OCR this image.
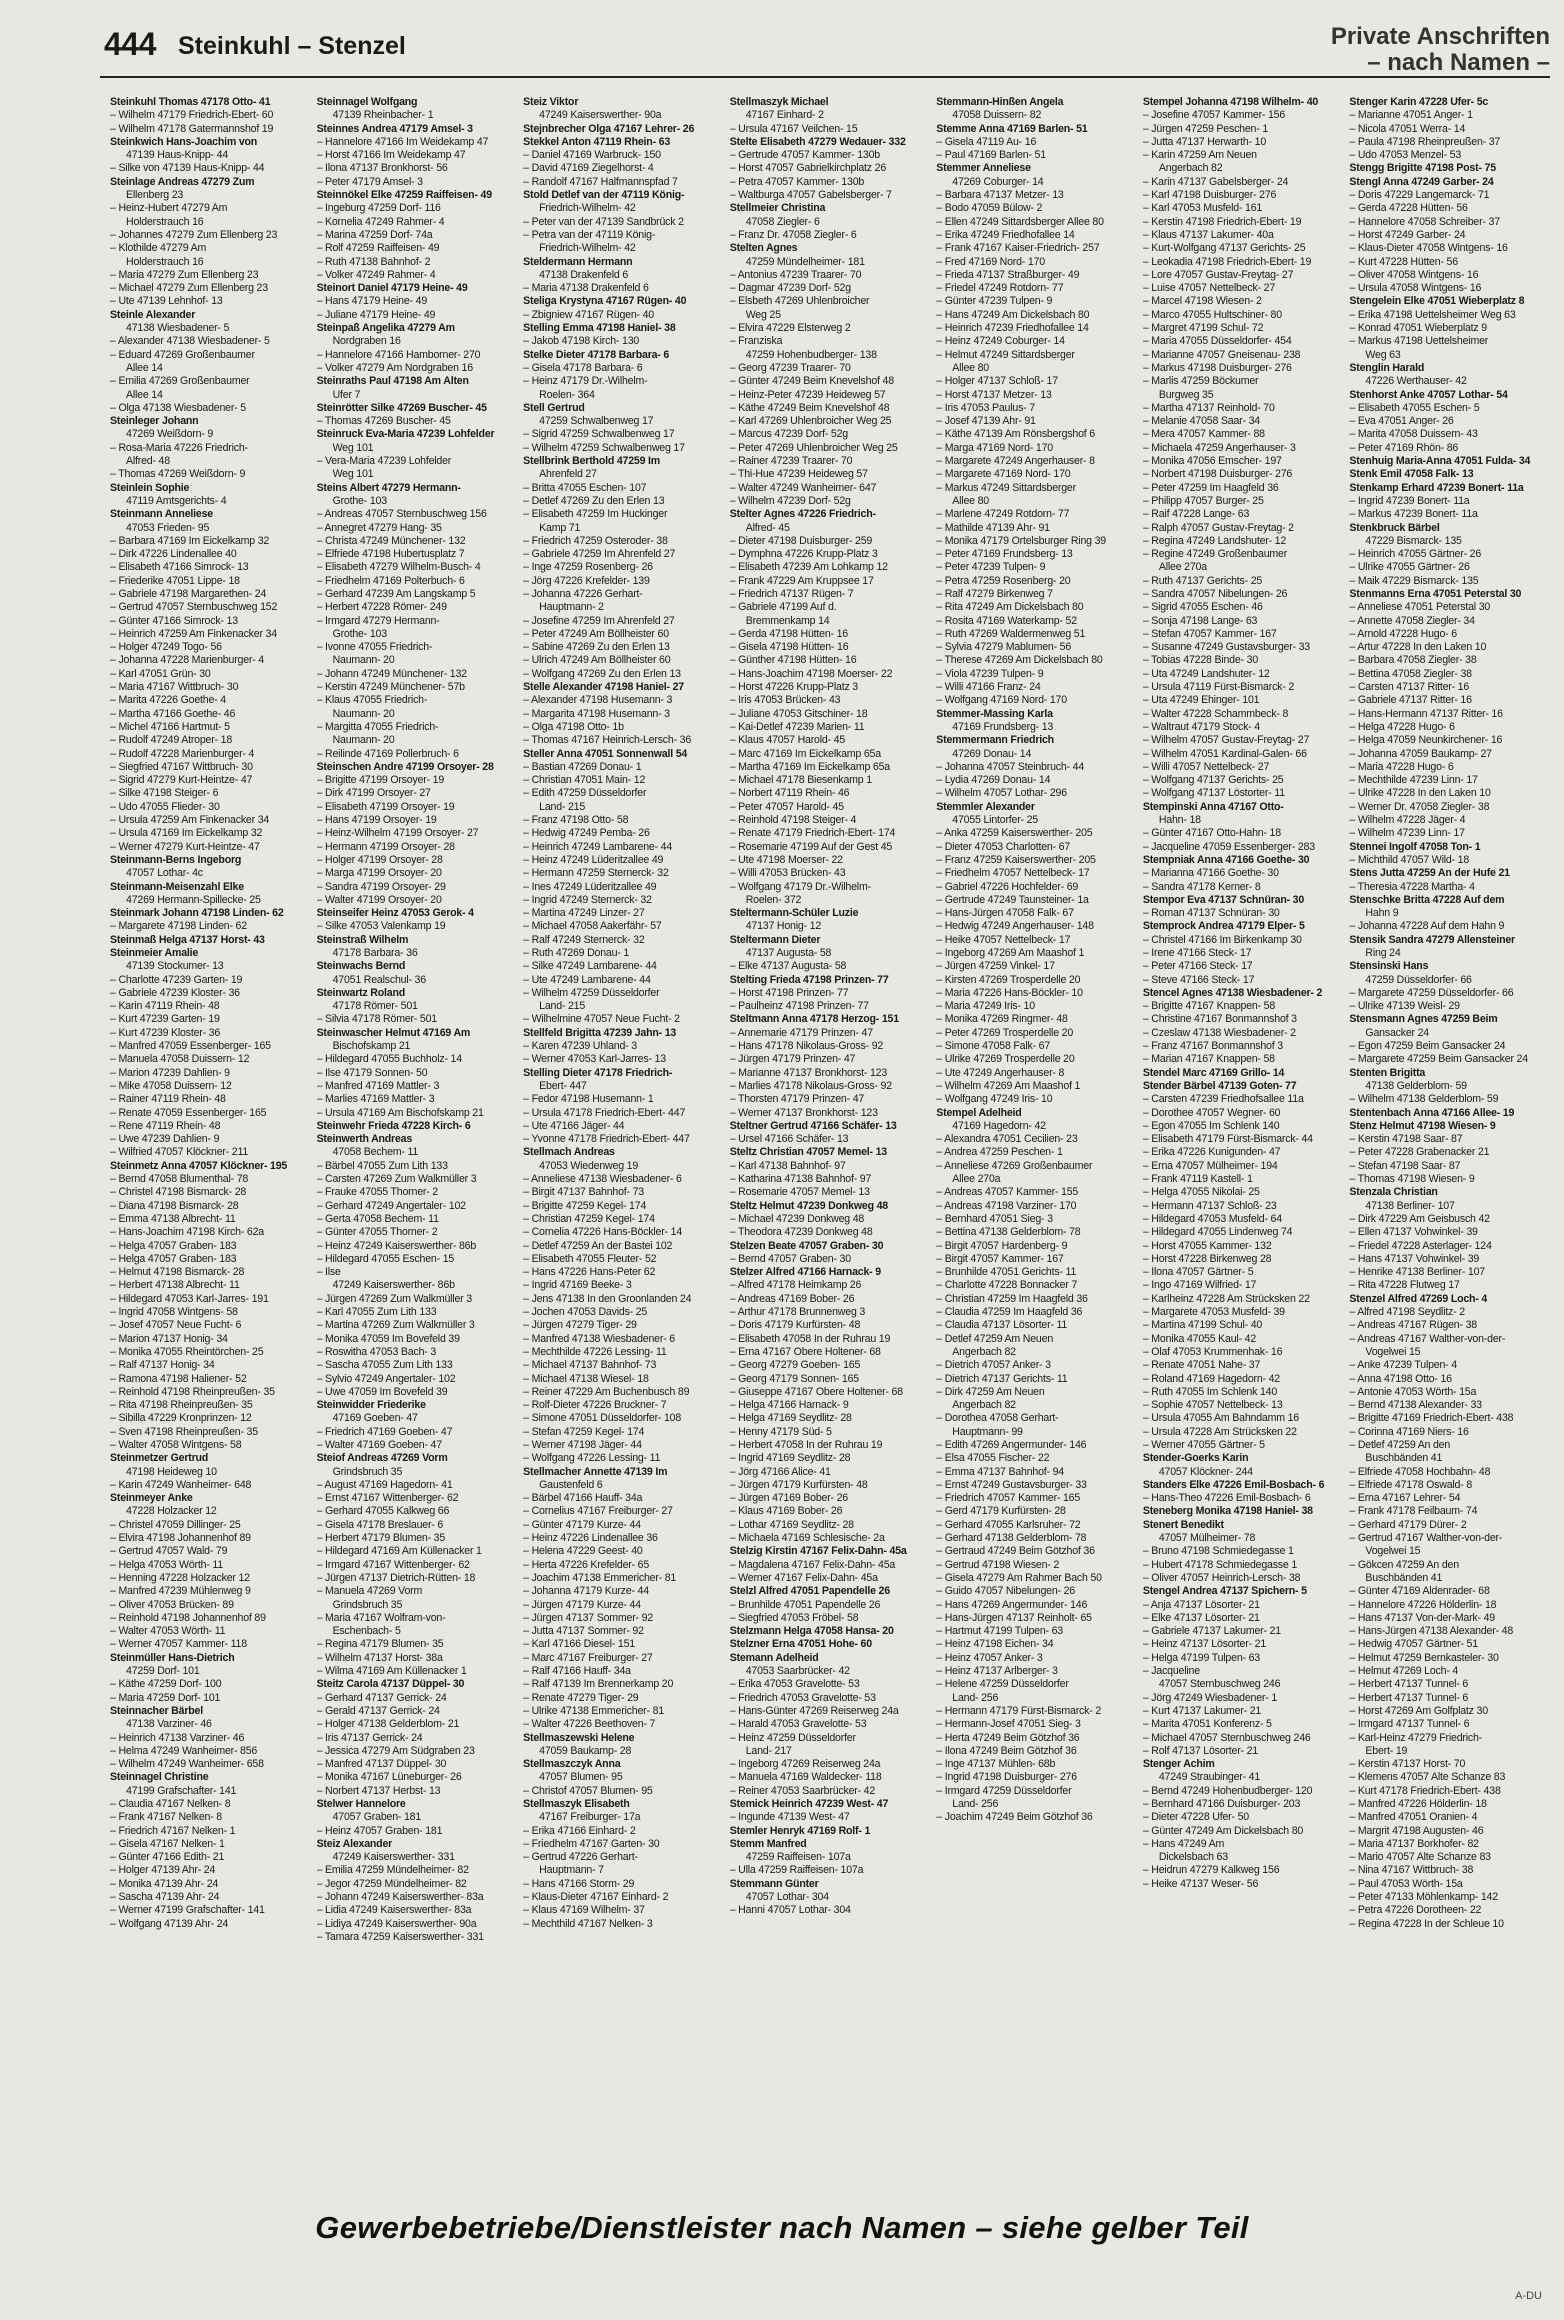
444 Steinkuhl – Stenzel	Private Anschriften
– nach Namen –
Steinkuhl Thomas 47178 Otto- 41
– Wilhelm 47179 Friedrich-Ebert- 60
– Wilhelm 47178 Gatermannshof 19
Steinkwich Hans-Joachim von
47139 Haus-Knipp- 44
– Silke von 47139 Haus-Knipp- 44
Steinlage Andreas 47279 Zum
Ellenberg 23
– Heinz-Hubert 47279 Am
Holderstrauch 16
– Johannes 47279 Zum Ellenberg 23
– Klothilde 47279 Am
Holderstrauch 16
– Maria 47279 Zum Ellenberg 23
– Michael 47279 Zum Ellenberg 23
– Ute 47139 Lehnhof- 13
Steinle Alexander
47138 Wiesbadener- 5
– Alexander 47138 Wiesbadener- 5
– Eduard 47269 Großenbaumer
Allee 14
– Emilia 47269 Großenbaumer
Allee 14
– Olga 47138 Wiesbadener- 5
Steinleger Johann
47269 Weißdorn- 9
– Rosa-Maria 47226 Friedrich-
Alfred- 48
– Thomas 47269 Weißdorn- 9
Steinlein Sophie
47119 Amtsgerichts- 4
Steinmann Anneliese
47053 Frieden- 95
– Barbara 47169 Im Eickelkamp 32
– Dirk 47226 Lindenallee 40
– Elisabeth 47166 Simrock- 13
– Friederike 47051 Lippe- 18
– Gabriele 47198 Margarethen- 24
– Gertrud 47057 Sternbuschweg 152
– Günter 47166 Simrock- 13
– Heinrich 47259 Am Finkenacker 34
– Holger 47249 Togo- 56
– Johanna 47228 Marienburger- 4
– Karl 47051 Grün- 30
– Maria 47167 Wittbruch- 30
– Marita 47226 Goethe- 4
– Martha 47166 Goethe- 46
– Michel 47166 Hartmut- 5
– Rudolf 47249 Atroper- 18
– Rudolf 47228 Marienburger- 4
– Siegfried 47167 Wittbruch- 30
– Sigrid 47279 Kurt-Heintze- 47
– Silke 47198 Steiger- 6
– Udo 47055 Flieder- 30
– Ursula 47259 Am Finkenacker 34
– Ursula 47169 Im Eickelkamp 32
– Werner 47279 Kurt-Heintze- 47
Steinmann-Berns Ingeborg
47057 Lothar- 4c
Steinmann-Meisenzahl Elke
47269 Hermann-Spillecke- 25
Steinmark Johann 47198 Linden- 62
– Margarete 47198 Linden- 62
Steinmaß Helga 47137 Horst- 43
Steinmeier Amalie
47139 Stockumer- 13
– Charlotte 47239 Garten- 19
– Gabriele 47239 Kloster- 36
– Karin 47119 Rhein- 48
– Kurt 47239 Garten- 19
– Kurt 47239 Kloster- 36
– Manfred 47059 Essenberger- 165
– Manuela 47058 Duissern- 12
– Marion 47239 Dahlien- 9
– Mike 47058 Duissern- 12
– Rainer 47119 Rhein- 48
– Renate 47059 Essenberger- 165
– Rene 47119 Rhein- 48
– Uwe 47239 Dahlien- 9
– Wilfried 47057 Klöckner- 211
Steinmetz Anna 47057 Klöckner- 195
– Bernd 47058 Blumenthal- 78
– Christel 47198 Bismarck- 28
– Diana 47198 Bismarck- 28
– Emma 47138 Albrecht- 11
– Hans-Joachim 47198 Kirch- 62a
– Helga 47057 Graben- 183
– Helga 47057 Graben- 183
– Helmut 47198 Bismarck- 28
– Herbert 47138 Albrecht- 11
– Hildegard 47053 Karl-Jarres- 191
– Ingrid 47058 Wintgens- 58
– Josef 47057 Neue Fucht- 6
– Marion 47137 Honig- 34
– Monika 47055 Rheintörchen- 25
– Ralf 47137 Honig- 34
– Ramona 47198 Haliener- 52
– Reinhold 47198 Rheinpreußen- 35
– Rita 47198 Rheinpreußen- 35
– Sibilla 47229 Kronprinzen- 12
– Sven 47198 Rheinpreußen- 35
– Walter 47058 Wintgens- 58
Steinmetzer Gertrud
47198 Heideweg 10
– Karin 47249 Wanheimer- 648
Steinmeyer Anke
47228 Holzacker 12
– Christel 47059 Dillinger- 25
– Elvira 47198 Johannenhof 89
– Gertrud 47057 Wald- 79
– Helga 47053 Wörth- 11
– Henning 47228 Holzacker 12
– Manfred 47239 Mühlenweg 9
– Oliver 47053 Brücken- 89
– Reinhold 47198 Johannenhof 89
– Walter 47053 Wörth- 11
– Werner 47057 Kammer- 118
Steinmüller Hans-Dietrich
47259 Dorf- 101
– Käthe 47259 Dorf- 100
– Maria 47259 Dorf- 101
Steinnacher Bärbel
47138 Varziner- 46
– Heinrich 47138 Varziner- 46
– Helma 47249 Wanheimer- 856
– Wilhelm 47249 Wanheimer- 658
Steinnagel Christine
47199 Grafschafter- 141
– Claudia 47167 Nelken- 8
– Frank 47167 Nelken- 8
– Friedrich 47167 Nelken- 1
– Gisela 47167 Nelken- 1
– Günter 47166 Edith- 21
– Holger 47139 Ahr- 24
– Monika 47139 Ahr- 24
– Sascha 47139 Ahr- 24
– Werner 47199 Grafschafter- 141
– Wolfgang 47139 Ahr- 24
Steinnagel Wolfgang
47139 Rheinbacher- 1
Steinnes Andrea 47179 Amsel- 3
– Hannelore 47166 Im Weidekamp 47
– Horst 47166 Im Weidekamp 47
– Ilona 47137 Bronkhorst- 56
– Peter 47179 Amsel- 3
Steinnökel Elke 47259 Raiffeisen- 49
– Ingeburg 47259 Dorf- 116
– Kornelia 47249 Rahmer- 4
– Marina 47259 Dorf- 74a
– Rolf 47259 Raiffeisen- 49
– Ruth 47138 Bahnhof- 2
– Volker 47249 Rahmer- 4
Steinort Daniel 47179 Heine- 49
– Hans 47179 Heine- 49
– Juliane 47179 Heine- 49
Steinpaß Angelika 47279 Am
Nordgraben 16
– Hannelore 47166 Hamborner- 270
– Volker 47279 Am Nordgraben 16
Steinraths Paul 47198 Am Alten
Ufer 7
Steinrötter Silke 47269 Buscher- 45
– Thomas 47269 Buscher- 45
Steinruck Eva-Maria 47239 Lohfelder
Weg 101
– Vera-Maria 47239 Lohfelder
Weg 101
Steins Albert 47279 Hermann-
Grothe- 103
– Andreas 47057 Sternbuschweg 156
– Annegret 47279 Hang- 35
– Christa 47249 Münchener- 132
– Elfriede 47198 Hubertusplatz 7
– Elisabeth 47279 Wilhelm-Busch- 4
– Friedhelm 47169 Polterbuch- 6
– Gerhard 47239 Am Langskamp 5
– Herbert 47228 Römer- 249
– Irmgard 47279 Hermann-
Grothe- 103
– Ivonne 47055 Friedrich-
Naumann- 20
– Johann 47249 Münchener- 132
– Kerstin 47249 Münchener- 57b
– Klaus 47055 Friedrich-
Naumann- 20
– Margitta 47055 Friedrich-
Naumann- 20
– Reilinde 47169 Pollerbruch- 6
Steinschen Andre 47199 Orsoyer- 28
– Brigitte 47199 Orsoyer- 19
– Dirk 47199 Orsoyer- 27
– Elisabeth 47199 Orsoyer- 19
– Hans 47199 Orsoyer- 19
– Heinz-Wilhelm 47199 Orsoyer- 27
– Hermann 47199 Orsoyer- 28
– Holger 47199 Orsoyer- 28
– Marga 47199 Orsoyer- 20
– Sandra 47199 Orsoyer- 29
– Walter 47199 Orsoyer- 20
Steinseifer Heinz 47053 Gerok- 4
– Silke 47053 Valenkamp 19
Steinstraß Wilhelm
47178 Barbara- 36
Steinwachs Bernd
47051 Realschul- 36
Steinwartz Roland
47178 Römer- 501
– Silvia 47178 Römer- 501
Steinwascher Helmut 47169 Am
Bischofskamp 21
– Hildegard 47055 Buchholz- 14
– Ilse 47179 Sonnen- 50
– Manfred 47169 Mattler- 3
– Marlies 47169 Mattler- 3
– Ursula 47169 Am Bischofskamp 21
Steinwehr Frieda 47228 Kirch- 6
Steinwerth Andreas
47058 Bechem- 11
– Bärbel 47055 Zum Lith 133
– Carsten 47269 Zum Walkmüller 3
– Frauke 47055 Thorner- 2
– Gerhard 47249 Angertaler- 102
– Gerta 47058 Bechem- 11
– Günter 47055 Thorner- 2
– Heinz 47249 Kaiserswerther- 86b
– Hildegard 47055 Eschen- 15
– Ilse
47249 Kaiserswerther- 86b
– Jürgen 47269 Zum Walkmüller 3
– Karl 47055 Zum Lith 133
– Martina 47269 Zum Walkmüller 3
– Monika 47059 Im Bovefeld 39
– Roswitha 47053 Bach- 3
– Sascha 47055 Zum Lith 133
– Sylvio 47249 Angertaler- 102
– Uwe 47059 Im Bovefeld 39
Steinwidder Friederike
47169 Goeben- 47
– Friedrich 47169 Goeben- 47
– Walter 47169 Goeben- 47
Steiof Andreas 47269 Vorm
Grindsbruch 35
– August 47169 Hagedorn- 41
– Ernst 47167 Wittenberger- 62
– Gerhard 47055 Kalkweg 66
– Gisela 47178 Breslauer- 6
– Herbert 47179 Blumen- 35
– Hildegard 47169 Am Küllenacker 1
– Irmgard 47167 Wittenberger- 62
– Jürgen 47137 Dietrich-Rütten- 18
– Manuela 47269 Vorm
Grindsbruch 35
– Maria 47167 Wolfram-von-
Eschenbach- 5
– Regina 47179 Blumen- 35
– Wilhelm 47137 Horst- 38a
– Wilma 47169 Am Küllenacker 1
Steitz Carola 47137 Düppel- 30
– Gerhard 47137 Gerrick- 24
– Gerald 47137 Gerrick- 24
– Holger 47138 Gelderblom- 21
– Iris 47137 Gerrick- 24
– Jessica 47279 Am Südgraben 23
– Manfred 47137 Düppel- 30
– Monika 47167 Lüneburger- 26
– Norbert 47137 Herbst- 13
Stelwer Hannelore
47057 Graben- 181
– Heinz 47057 Graben- 181
Steiz Alexander
47249 Kaiserswerther- 331
– Emilia 47259 Mündelheimer- 82
– Jegor 47259 Mündelheimer- 82
– Johann 47249 Kaiserswerther- 83a
– Lidia 47249 Kaiserswerther- 83a
– Lidiya 47249 Kaiserswerther- 90a
– Tamara 47259 Kaiserswerther- 331
Steiz Viktor
47249 Kaiserswerther- 90a
Stejnbrecher Olga 47167 Lehrer- 26
Stekkel Anton 47119 Rhein- 63
– Daniel 47169 Warbruck- 150
– David 47169 Ziegelhorst- 4
– Randolf 47167 Halfmannspfad 7
Stold Detlef van der 47119 König-
Friedrich-Wilhelm- 42
– Peter van der 47139 Sandbrück 2
– Petra van der 47119 König-
Friedrich-Wilhelm- 42
Steldermann Hermann
47138 Drakenfeld 6
– Maria 47138 Drakenfeld 6
Steliga Krystyna 47167 Rügen- 40
– Zbigniew 47167 Rügen- 40
Stelling Emma 47198 Haniel- 38
– Jakob 47198 Kirch- 130
Stelke Dieter 47178 Barbara- 6
– Gisela 47178 Barbara- 6
– Heinz 47179 Dr.-Wilhelm-
Roelen- 364
Stell Gertrud
47259 Schwalbenweg 17
– Sigrid 47259 Schwalbenweg 17
– Wilhelm 47259 Schwalbenweg 17
Stellbrink Berthold 47259 Im
Ahrenfeld 27
– Britta 47055 Eschen- 107
– Detlef 47269 Zu den Erlen 13
– Elisabeth 47259 Im Huckinger
Kamp 71
– Friedrich 47259 Osteroder- 38
– Gabriele 47259 Im Ahrenfeld 27
– Inge 47259 Rosenberg- 26
– Jörg 47226 Krefelder- 139
– Johanna 47226 Gerhart-
Hauptmann- 2
– Josefine 47259 Im Ahrenfeld 27
– Peter 47249 Am Böllheister 60
– Sabine 47269 Zu den Erlen 13
– Ulrich 47249 Am Böllheister 60
– Wolfgang 47269 Zu den Erlen 13
Stelle Alexander 47198 Haniel- 27
– Alexander 47198 Husemann- 3
– Margarita 47198 Husemann- 3
– Olga 47198 Otto- 1b
– Thomas 47167 Heinrich-Lersch- 36
Steller Anna 47051 Sonnenwall 54
– Bastian 47269 Donau- 1
– Christian 47051 Main- 12
– Edith 47259 Düsseldorfer
Land- 215
– Franz 47198 Otto- 58
– Hedwig 47249 Pemba- 26
– Heinrich 47249 Lambarene- 44
– Heinz 47249 Lüderitzallee 49
– Hermann 47259 Sternerck- 32
– Ines 47249 Lüderitzallee 49
– Ingrid 47249 Sternerck- 32
– Martina 47249 Linzer- 27
– Michael 47058 Aakerfähr- 57
– Ralf 47249 Sternerck- 32
– Ruth 47269 Donau- 1
– Silke 47249 Lambarene- 44
– Ute 47249 Lambarene- 44
– Wilhelm 47259 Düsseldorfer
Land- 215
– Wilhelmine 47057 Neue Fucht- 2
Stellfeld Brigitta 47239 Jahn- 13
– Karen 47239 Uhland- 3
– Werner 47053 Karl-Jarres- 13
Stelling Dieter 47178 Friedrich-
Ebert- 447
– Fedor 47198 Husemann- 1
– Ursula 47178 Friedrich-Ebert- 447
– Ute 47166 Jäger- 44
– Yvonne 47178 Friedrich-Ebert- 447
Stellmach Andreas
47053 Wiedenweg 19
– Anneliese 47138 Wiesbadener- 6
– Birgit 47137 Bahnhof- 73
– Brigitte 47259 Kegel- 174
– Christian 47259 Kegel- 174
– Cornelia 47226 Hans-Böckler- 14
– Detlef 47259 An der Bastei 102
– Elisabeth 47055 Fleuter- 52
– Hans 47226 Hans-Peter 62
– Ingrid 47169 Beeke- 3
– Jens 47138 In den Groonlanden 24
– Jochen 47053 Davids- 25
– Jürgen 47279 Tiger- 29
– Manfred 47138 Wiesbadener- 6
– Mechthilde 47226 Lessing- 11
– Michael 47137 Bahnhof- 73
– Michael 47138 Wiesel- 18
– Reiner 47229 Am Buchenbusch 89
– Rolf-Dieter 47226 Bruckner- 7
– Simone 47051 Düsseldorfer- 108
– Stefan 47259 Kegel- 174
– Werner 47198 Jäger- 44
– Wolfgang 47226 Lessing- 11
Stellmacher Annette 47139 Im
Gaustenfeld 6
– Bärbel 47166 Hauff- 34a
– Cornelius 47167 Freiburger- 27
– Günter 47179 Kurze- 44
– Heinz 47226 Lindenallee 36
– Helena 47229 Geest- 40
– Herta 47226 Krefelder- 65
– Joachim 47138 Emmericher- 81
– Johanna 47179 Kurze- 44
– Jürgen 47179 Kurze- 44
– Jürgen 47137 Sommer- 92
– Jutta 47137 Sommer- 92
– Karl 47166 Diesel- 151
– Marc 47167 Freiburger- 27
– Ralf 47166 Hauff- 34a
– Ralf 47139 Im Brennerkamp 20
– Renate 47279 Tiger- 29
– Ulrike 47138 Emmericher- 81
– Walter 47226 Beethoven- 7
Stellmaszewski Helene
47059 Baukamp- 28
Stellmaszczyk Anna
47057 Blumen- 95
– Christof 47057 Blumen- 95
Stellmaszyk Elisabeth
47167 Freiburger- 17a
– Erika 47166 Einhard- 2
– Friedhelm 47167 Garten- 30
– Gertrud 47226 Gerhart-
Hauptmann- 7
– Hans 47166 Storm- 29
– Klaus-Dieter 47167 Einhard- 2
– Klaus 47169 Wilhelm- 37
– Mechthild 47167 Nelken- 3
Stellmaszyk Michael
47167 Einhard- 2
– Ursula 47167 Veilchen- 15
Stelte Elisabeth 47279 Wedauer- 332
– Gertrude 47057 Kammer- 130b
– Horst 47057 Gabrielkirchplatz 26
– Petra 47057 Kammer- 130b
– Waltburga 47057 Gabelsberger- 7
Stellmeier Christina
47058 Ziegler- 6
– Franz Dr. 47058 Ziegler- 6
Stelten Agnes
47259 Mündelheimer- 181
– Antonius 47239 Traarer- 70
– Dagmar 47239 Dorf- 52g
– Elsbeth 47269 Uhlenbroicher
Weg 25
– Elvira 47229 Elsterweg 2
– Franziska
47259 Hohenbudberger- 138
– Georg 47239 Traarer- 70
– Günter 47249 Beim Knevelshof 48
– Heinz-Peter 47239 Heideweg 57
– Käthe 47249 Beim Knevelshof 48
– Karl 47269 Uhlenbroicher Weg 25
– Marcus 47239 Dorf- 52g
– Peter 47269 Uhlenbroicher Weg 25
– Rainer 47239 Traarer- 70
– Thi-Hue 47239 Heideweg 57
– Walter 47249 Wanheimer- 647
– Wilhelm 47239 Dorf- 52g
Stelter Agnes 47226 Friedrich-
Alfred- 45
– Dieter 47198 Duisburger- 259
– Dymphna 47226 Krupp-Platz 3
– Elisabeth 47239 Am Lohkamp 12
– Frank 47229 Am Kruppsee 17
– Friedrich 47137 Rügen- 7
– Gabriele 47199 Auf d.
Bremmenkamp 14
– Gerda 47198 Hütten- 16
– Gisela 47198 Hütten- 16
– Günther 47198 Hütten- 16
– Hans-Joachim 47198 Moerser- 22
– Horst 47226 Krupp-Platz 3
– Iris 47053 Brücken- 43
– Juliane 47053 Gitschiner- 18
– Kai-Detlef 47239 Marien- 11
– Klaus 47057 Harold- 45
– Marc 47169 Im Eickelkamp 65a
– Martha 47169 Im Eickelkamp 65a
– Michael 47178 Biesenkamp 1
– Norbert 47119 Rhein- 46
– Peter 47057 Harold- 45
– Reinhold 47198 Steiger- 4
– Renate 47179 Friedrich-Ebert- 174
– Rosemarie 47199 Auf der Gest 45
– Ute 47198 Moerser- 22
– Willi 47053 Brücken- 43
– Wolfgang 47179 Dr.-Wilhelm-
Roelen- 372
Steltermann-Schüler Luzie
47137 Honig- 12
Steltermann Dieter
47137 Augusta- 58
– Elke 47137 Augusta- 58
Stelting Frieda 47198 Prinzen- 77
– Horst 47198 Prinzen- 77
– Paulheinz 47198 Prinzen- 77
Steltmann Anna 47178 Herzog- 151
– Annemarie 47179 Prinzen- 47
– Hans 47178 Nikolaus-Gross- 92
– Jürgen 47179 Prinzen- 47
– Marianne 47137 Bronkhorst- 123
– Marlies 47178 Nikolaus-Gross- 92
– Thorsten 47179 Prinzen- 47
– Werner 47137 Bronkhorst- 123
Steltner Gertrud 47166 Schäfer- 13
– Ursel 47166 Schäfer- 13
Steltz Christian 47057 Memel- 13
– Karl 47138 Bahnhof- 97
– Katharina 47138 Bahnhof- 97
– Rosemarie 47057 Memel- 13
Steltz Helmut 47239 Donkweg 48
– Michael 47239 Donkweg 48
– Theodora 47239 Donkweg 48
Stelzen Beate 47057 Graben- 30
– Bernd 47057 Graben- 30
Stelzer Alfred 47166 Harnack- 9
– Alfred 47178 Heimkamp 26
– Andreas 47169 Bober- 26
– Arthur 47178 Brunnenweg 3
– Doris 47179 Kurfürsten- 48
– Elisabeth 47058 In der Ruhrau 19
– Erna 47167 Obere Holtener- 68
– Georg 47279 Goeben- 165
– Georg 47179 Sonnen- 165
– Giuseppe 47167 Obere Holtener- 68
– Helga 47166 Harnack- 9
– Helga 47169 Seydlitz- 28
– Henny 47179 Süd- 5
– Herbert 47058 In der Ruhrau 19
– Ingrid 47169 Seydlitz- 28
– Jörg 47166 Alice- 41
– Jürgen 47179 Kurfürsten- 48
– Jürgen 47169 Bober- 26
– Klaus 47169 Bober- 26
– Lothar 47169 Seydlitz- 28
– Michaela 47169 Schlesische- 2a
Stelzig Kirstin 47167 Felix-Dahn- 45a
– Magdalena 47167 Felix-Dahn- 45a
– Werner 47167 Felix-Dahn- 45a
Stelzl Alfred 47051 Papendelle 26
– Brunhilde 47051 Papendelle 26
– Siegfried 47053 Fröbel- 58
Stelzmann Helga 47058 Hansa- 20
Stelzner Erna 47051 Hohe- 60
Stemann Adelheid
47053 Saarbrücker- 42
– Erika 47053 Gravelotte- 53
– Friedrich 47053 Gravelotte- 53
– Hans-Günter 47269 Reiserweg 24a
– Harald 47053 Gravelotte- 53
– Heinz 47259 Düsseldorfer
Land- 217
– Ingeborg 47269 Reiserweg 24a
– Manuela 47169 Waldecker- 118
– Reiner 47053 Saarbrücker- 42
Stemick Heinrich 47239 West- 47
– Ingunde 47139 West- 47
Stemler Henryk 47169 Rolf- 1
Stemm Manfred
47259 Raiffeisen- 107a
– Ulla 47259 Raiffeisen- 107a
Stemmann Günter
47057 Lothar- 304
– Hanni 47057 Lothar- 304
Stemmann-Hinßen Angela
47058 Duissern- 82
Stemme Anna 47169 Barlen- 51
– Gisela 47119 Au- 16
– Paul 47169 Barlen- 51
Stemmer Anneliese
47269 Coburger- 14
– Barbara 47137 Metzer- 13
– Bodo 47059 Bülow- 2
– Ellen 47249 Sittardsberger Allee 80
– Erika 47249 Friedhofallee 14
– Frank 47167 Kaiser-Friedrich- 257
– Fred 47169 Nord- 170
– Frieda 47137 Straßburger- 49
– Friedel 47249 Rotdorn- 77
– Günter 47239 Tulpen- 9
– Hans 47249 Am Dickelsbach 80
– Heinrich 47239 Friedhofallee 14
– Heinz 47249 Coburger- 14
– Helmut 47249 Sittardsberger
Allee 80
– Holger 47137 Schloß- 17
– Horst 47137 Metzer- 13
– Iris 47053 Paulus- 7
– Josef 47139 Ahr- 91
– Käthe 47139 Am Rönsbergshof 6
– Marga 47169 Nord- 170
– Margarete 47249 Angerhauser- 8
– Margarete 47169 Nord- 170
– Markus 47249 Sittardsberger
Allee 80
– Marlene 47249 Rotdorn- 77
– Mathilde 47139 Ahr- 91
– Monika 47179 Ortelsburger Ring 39
– Peter 47169 Frundsberg- 13
– Peter 47239 Tulpen- 9
– Petra 47259 Rosenberg- 20
– Ralf 47279 Birkenweg 7
– Rita 47249 Am Dickelsbach 80
– Rosita 47169 Waterkamp- 52
– Ruth 47269 Waldermenweg 51
– Sylvia 47279 Mablumen- 56
– Therese 47269 Am Dickelsbach 80
– Viola 47239 Tulpen- 9
– Willi 47166 Franz- 24
– Wolfgang 47169 Nord- 170
Stemmer-Massing Karla
47169 Frundsberg- 13
Stemmermann Friedrich
47269 Donau- 14
– Johanna 47057 Steinbruch- 44
– Lydia 47269 Donau- 14
– Wilhelm 47057 Lothar- 296
Stemmler Alexander
47055 Lintorfer- 25
– Anka 47259 Kaiserswerther- 205
– Dieter 47053 Charlotten- 67
– Franz 47259 Kaiserswerther- 205
– Friedhelm 47057 Nettelbeck- 17
– Gabriel 47226 Hochfelder- 69
– Gertrude 47249 Taunsteiner- 1a
– Hans-Jürgen 47058 Falk- 67
– Hedwig 47249 Angerhauser- 148
– Heike 47057 Nettelbeck- 17
– Ingeborg 47269 Am Maashof 1
– Jürgen 47259 Vinkel- 17
– Kirsten 47269 Trosperdelle 20
– Maria 47226 Hans-Böckler- 10
– Maria 47249 Iris- 10
– Monika 47269 Ringmer- 48
– Peter 47269 Trosperdelle 20
– Simone 47058 Falk- 67
– Ulrike 47269 Trosperdelle 20
– Ute 47249 Angerhauser- 8
– Wilhelm 47269 Am Maashof 1
– Wolfgang 47249 Iris- 10
Stempel Adelheid
47169 Hagedorn- 42
– Alexandra 47051 Cecilien- 23
– Andrea 47259 Peschen- 1
– Anneliese 47269 Großenbaumer
Allee 270a
– Andreas 47057 Kammer- 155
– Andreas 47198 Varziner- 170
– Bernhard 47051 Sieg- 3
– Bettina 47138 Gelderblom- 78
– Birgit 47057 Hardenberg- 9
– Birgit 47057 Kammer- 167
– Brunhilde 47051 Gerichts- 11
– Charlotte 47228 Bonnacker 7
– Christian 47259 Im Haagfeld 36
– Claudia 47259 Im Haagfeld 36
– Claudia 47137 Lösorter- 11
– Detlef 47259 Am Neuen
Angerbach 82
– Dietrich 47057 Anker- 3
– Dietrich 47137 Gerichts- 11
– Dirk 47259 Am Neuen
Angerbach 82
– Dorothea 47058 Gerhart-
Hauptmann- 99
– Edith 47269 Angermunder- 146
– Elsa 47055 Fischer- 22
– Emma 47137 Bahnhof- 94
– Ernst 47249 Gustavsburger- 33
– Friedrich 47057 Kammer- 165
– Gerd 47179 Kurfürsten- 28
– Gerhard 47055 Karlsruher- 72
– Gerhard 47138 Gelderblom- 78
– Gertraud 47249 Beim Götzhof 36
– Gertrud 47198 Wiesen- 2
– Gisela 47279 Am Rahmer Bach 50
– Guido 47057 Nibelungen- 26
– Hans 47269 Angermunder- 146
– Hans-Jürgen 47137 Reinholt- 65
– Hartmut 47199 Tulpen- 63
– Heinz 47198 Eichen- 34
– Heinz 47057 Anker- 3
– Heinz 47137 Arlberger- 3
– Helene 47259 Düsseldorfer
Land- 256
– Hermann 47179 Fürst-Bismarck- 2
– Hermann-Josef 47051 Sieg- 3
– Herta 47249 Beim Götzhof 36
– Ilona 47249 Beim Götzhof 36
– Inge 47137 Mühlen- 68b
– Ingrid 47198 Duisburger- 276
– Irmgard 47259 Düsseldorfer
Land- 256
– Joachim 47249 Beim Götzhof 36
Stempel Johanna 47198 Wilhelm- 40
– Josefine 47057 Kammer- 156
– Jürgen 47259 Peschen- 1
– Jutta 47137 Herwarth- 10
– Karin 47259 Am Neuen
Angerbach 82
– Karin 47137 Gabelsberger- 24
– Karl 47198 Duisburger- 276
– Karl 47053 Musfeld- 161
– Kerstin 47198 Friedrich-Ebert- 19
– Klaus 47137 Lakumer- 40a
– Kurt-Wolfgang 47137 Gerichts- 25
– Leokadia 47198 Friedrich-Ebert- 19
– Lore 47057 Gustav-Freytag- 27
– Luise 47057 Nettelbeck- 27
– Marcel 47198 Wiesen- 2
– Marco 47055 Hultschiner- 80
– Margret 47199 Schul- 72
– Maria 47055 Düsseldorfer- 454
– Marianne 47057 Gneisenau- 238
– Markus 47198 Duisburger- 276
– Marlis 47259 Böckumer
Burgweg 35
– Martha 47137 Reinhold- 70
– Melanie 47058 Saar- 34
– Mera 47057 Kammer- 88
– Michaela 47259 Angerhauser- 3
– Monika 47056 Emscher- 197
– Norbert 47198 Duisburger- 276
– Peter 47259 Im Haagfeld 36
– Philipp 47057 Burger- 25
– Raif 47228 Lange- 63
– Ralph 47057 Gustav-Freytag- 2
– Regina 47249 Landshuter- 12
– Regine 47249 Großenbaumer
Allee 270a
– Ruth 47137 Gerichts- 25
– Sandra 47057 Nibelungen- 26
– Sigrid 47055 Eschen- 46
– Sonja 47198 Lange- 63
– Stefan 47057 Kammer- 167
– Susanne 47249 Gustavsburger- 33
– Tobias 47228 Binde- 30
– Uta 47249 Landshuter- 12
– Ursula 47119 Fürst-Bismarck- 2
– Uta 47249 Ehinger- 101
– Walter 47228 Schammbeck- 8
– Waltraut 47179 Stock- 4
– Wilhelm 47057 Gustav-Freytag- 27
– Wilhelm 47051 Kardinal-Galen- 66
– Willi 47057 Nettelbeck- 27
– Wolfgang 47137 Gerichts- 25
– Wolfgang 47137 Löstorter- 11
Stempinski Anna 47167 Otto-
Hahn- 18
– Günter 47167 Otto-Hahn- 18
– Jacqueline 47059 Essenberger- 283
Stempniak Anna 47166 Goethe- 30
– Marianna 47166 Goethe- 30
– Sandra 47178 Kerner- 8
Stempor Eva 47137 Schnüran- 30
– Roman 47137 Schnüran- 30
Stemprock Andrea 47179 Elper- 5
– Christel 47166 Im Birkenkamp 30
– Irene 47166 Steck- 17
– Peter 47166 Steck- 17
– Steve 47166 Steck- 17
Stencel Agnes 47138 Wiesbadener- 2
– Brigitte 47167 Knappen- 58
– Christine 47167 Bonmannshof 3
– Czeslaw 47138 Wiesbadener- 2
– Franz 47167 Bonmannshof 3
– Marian 47167 Knappen- 58
Stendel Marc 47169 Grillo- 14
Stender Bärbel 47139 Goten- 77
– Carsten 47239 Friedhofsallee 11a
– Dorothee 47057 Wegner- 60
– Egon 47055 Im Schlenk 140
– Elisabeth 47179 Fürst-Bismarck- 44
– Erika 47226 Kunigunden- 47
– Erna 47057 Mülheimer- 194
– Frank 47119 Kastell- 1
– Helga 47055 Nikolai- 25
– Hermann 47137 Schloß- 23
– Hildegard 47053 Musfeld- 64
– Hildegard 47055 Lindenweg 74
– Horst 47055 Kammer- 132
– Horst 47228 Birkenweg 28
– Ilona 47057 Gärtner- 5
– Ingo 47169 Wilfried- 17
– Karlheinz 47228 Am Strücksken 22
– Margarete 47053 Musfeld- 39
– Martina 47199 Schul- 40
– Monika 47055 Kaul- 42
– Olaf 47053 Krummenhak- 16
– Renate 47051 Nahe- 37
– Roland 47169 Hagedorn- 42
– Ruth 47055 Im Schlenk 140
– Sophie 47057 Nettelbeck- 13
– Ursula 47055 Am Bahndamm 16
– Ursula 47228 Am Strücksken 22
– Werner 47055 Gärtner- 5
Stender-Goerks Karin
47057 Klöckner- 244
Standers Elke 47226 Emil-Bosbach- 6
– Hans-Theo 47226 Emil-Bosbach- 6
Steneberg Monika 47198 Haniel- 38
Stenert Benedikt
47057 Mülheimer- 78
– Bruno 47198 Schmiedegasse 1
– Hubert 47178 Schmiedegasse 1
– Oliver 47057 Heinrich-Lersch- 38
Stengel Andrea 47137 Spichern- 5
– Anja 47137 Lösorter- 21
– Elke 47137 Lösorter- 21
– Gabriele 47137 Lakumer- 21
– Heinz 47137 Lösorter- 21
– Helga 47199 Tulpen- 63
– Jacqueline
47057 Sternbuschweg 246
– Jörg 47249 Wiesbadener- 1
– Kurt 47137 Lakumer- 21
– Marita 47051 Konferenz- 5
– Michael 47057 Sternbuschweg 246
– Rolf 47137 Lösorter- 21
Stenger Achim
47249 Straubinger- 41
– Bernd 47249 Hohenbudberger- 120
– Bernhard 47166 Duisburger- 203
– Dieter 47228 Ufer- 50
– Günter 47249 Am Dickelsbach 80
– Hans 47249 Am
Dickelsbach 63
– Heidrun 47279 Kalkweg 156
– Heike 47137 Weser- 56
Stenger Karin 47228 Ufer- 5c
– Marianne 47051 Anger- 1
– Nicola 47051 Werra- 14
– Paula 47198 Rheinpreußen- 37
– Udo 47053 Menzel- 53
Stengg Brigitte 47198 Post- 75
Stengl Anna 47249 Garber- 24
– Doris 47229 Langemarck- 71
– Gerda 47228 Hütten- 56
– Hannelore 47058 Schreiber- 37
– Horst 47249 Garber- 24
– Klaus-Dieter 47058 Wintgens- 16
– Kurt 47228 Hütten- 56
– Oliver 47058 Wintgens- 16
– Ursula 47058 Wintgens- 16
Stengelein Elke 47051 Wieberplatz 8
– Erika 47198 Uettelsheimer Weg 63
– Konrad 47051 Wieberplatz 9
– Markus 47198 Uettelsheimer
Weg 63
Stenglin Harald
47226 Werthauser- 42
Stenhorst Anke 47057 Lothar- 54
– Elisabeth 47055 Eschen- 5
– Eva 47051 Anger- 26
– Marita 47058 Duissern- 43
– Peter 47169 Rhön- 86
Stenhuig Maria-Anna 47051 Fulda- 34
Stenk Emil 47058 Falk- 13
Stenkamp Erhard 47239 Bonert- 11a
– Ingrid 47239 Bonert- 11a
– Markus 47239 Bonert- 11a
Stenkbruck Bärbel
47229 Bismarck- 135
– Heinrich 47055 Gärtner- 26
– Ulrike 47055 Gärtner- 26
– Maik 47229 Bismarck- 135
Stenmanns Erna 47051 Peterstal 30
– Anneliese 47051 Peterstal 30
– Annette 47058 Ziegler- 34
– Arnold 47228 Hugo- 6
– Artur 47228 In den Laken 10
– Barbara 47058 Ziegler- 38
– Bettina 47058 Ziegler- 38
– Carsten 47137 Ritter- 16
– Gabriele 47137 Ritter- 16
– Hans-Hermann 47137 Ritter- 16
– Helga 47228 Hugo- 6
– Helga 47059 Neunkirchener- 16
– Johanna 47059 Baukamp- 27
– Maria 47228 Hugo- 6
– Mechthilde 47239 Linn- 17
– Ulrike 47228 In den Laken 10
– Werner Dr. 47058 Ziegler- 38
– Wilhelm 47228 Jäger- 4
– Wilhelm 47239 Linn- 17
Stennei Ingolf 47058 Ton- 1
– Michthild 47057 Wild- 18
Stens Jutta 47259 An der Hufe 21
– Theresia 47228 Martha- 4
Stenschke Britta 47228 Auf dem
Hahn 9
– Johanna 47228 Auf dem Hahn 9
Stensik Sandra 47279 Allensteiner
Ring 24
Stensinski Hans
47259 Düsseldorfer- 66
– Margarete 47259 Düsseldorfer- 66
– Ulrike 47139 Weisl- 29
Stensmann Agnes 47259 Beim
Gansacker 24
– Egon 47259 Beim Gansacker 24
– Margarete 47259 Beim Gansacker 24
Stenten Brigitta
47138 Gelderblom- 59
– Wilhelm 47138 Gelderblom- 59
Stentenbach Anna 47166 Allee- 19
Stenz Helmut 47198 Wiesen- 9
– Kerstin 47198 Saar- 87
– Peter 47228 Grabenacker 21
– Stefan 47198 Saar- 87
– Thomas 47198 Wiesen- 9
Stenzala Christian
47138 Berliner- 107
– Dirk 47229 Am Geisbusch 42
– Ellen 47137 Vohwinkel- 39
– Friedel 47228 Asterlager- 124
– Hans 47137 Vohwinkel- 39
– Henrike 47138 Berliner- 107
– Rita 47228 Flutweg 17
Stenzel Alfred 47269 Loch- 4
– Alfred 47198 Seydlitz- 2
– Andreas 47167 Rügen- 38
– Andreas 47167 Walther-von-der-
Vogelwei 15
– Anke 47239 Tulpen- 4
– Anna 47198 Otto- 16
– Antonie 47053 Wörth- 15a
– Bernd 47138 Alexander- 33
– Brigitte 47169 Friedrich-Ebert- 438
– Corinna 47169 Niers- 16
– Detlef 47259 An den
Buschbänden 41
– Elfriede 47058 Hochbahn- 48
– Elfriede 47178 Oswald- 8
– Erna 47167 Lehrer- 54
– Frank 47178 Feilbaum- 74
– Gerhard 47179 Dürer- 2
– Gertrud 47167 Walther-von-der-
Vogelwei 15
– Gökcen 47259 An den
Buschbänden 41
– Günter 47169 Aldenrader- 68
– Hannelore 47226 Hölderlin- 18
– Hans 47137 Von-der-Mark- 49
– Hans-Jürgen 47138 Alexander- 48
– Hedwig 47057 Gärtner- 51
– Helmut 47259 Bernkasteler- 30
– Helmut 47269 Loch- 4
– Herbert 47137 Tunnel- 6
– Herbert 47137 Tunnel- 6
– Horst 47269 Am Golfplatz 30
– Irmgard 47137 Tunnel- 6
– Karl-Heinz 47279 Friedrich-
Ebert- 19
– Kerstin 47137 Horst- 70
– Klemens 47057 Alte Schanze 83
– Kurt 47178 Friedrich-Ebert- 438
– Manfred 47226 Hölderlin- 18
– Manfred 47051 Oranien- 4
– Margrit 47198 Augusten- 46
– Maria 47137 Borkhofer- 82
– Mario 47057 Alte Schanze 83
– Nina 47167 Wittbruch- 38
– Paul 47053 Wörth- 15a
– Peter 47133 Möhlenkamp- 142
– Petra 47226 Dorotheen- 22
– Regina 47228 In der Schleue 10
Gewerbebetriebe/Dienstleister nach Namen – siehe gelber Teil
A-DU
